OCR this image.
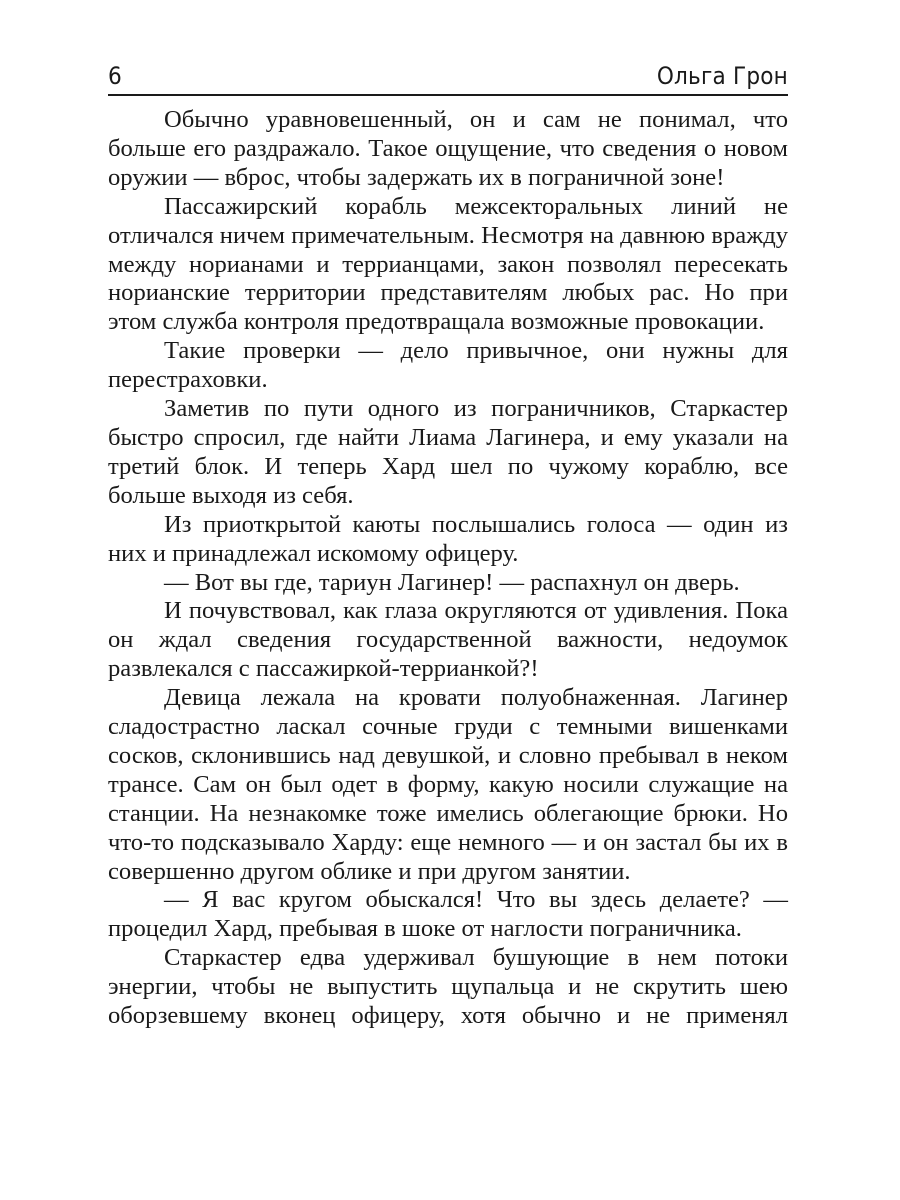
6	Ольга Грон

Обычно уравновешенный, он и сам не понимал, что больше его раздражало. Такое ощущение, что сведения о новом оружии — вброс, чтобы задержать их в пограничной зоне!

Пассажирский корабль межсекторальных линий не отличался ничем примечательным. Несмотря на давнюю вражду между норианами и террианцами, закон позволял пересекать норианские территории представителям любых рас. Но при этом служба контроля предотвращала возможные провокации.

Такие проверки — дело привычное, они нужны для перестраховки.

Заметив по пути одного из пограничников, Старкастер быстро спросил, где найти Лиама Лагинера, и ему указали на третий блок. И теперь Хард шел по чужому кораблю, все больше выходя из себя.

Из приоткрытой каюты послышались голоса — один из них и принадлежал искомому офицеру.

— Вот вы где, тариун Лагинер! — распахнул он дверь.

И почувствовал, как глаза округляются от удивления. Пока он ждал сведения государственной важности, недоумок развлекался с пассажиркой-террианкой?!

Девица лежала на кровати полуобнаженная. Лагинер сладострастно ласкал сочные груди с темными вишенками сосков, склонившись над девушкой, и словно пребывал в неком трансе. Сам он был одет в форму, какую носили служащие на станции. На незнакомке тоже имелись облегающие брюки. Но что-то подсказывало Харду: еще немного — и он застал бы их в совершенно другом облике и при другом занятии.

— Я вас кругом обыскался! Что вы здесь делаете? — процедил Хард, пребывая в шоке от наглости пограничника.

Старкастер едва удерживал бушующие в нем потоки энергии, чтобы не выпустить щупальца и не скрутить шею оборзевшему вконец офицеру, хотя обычно и не применял
